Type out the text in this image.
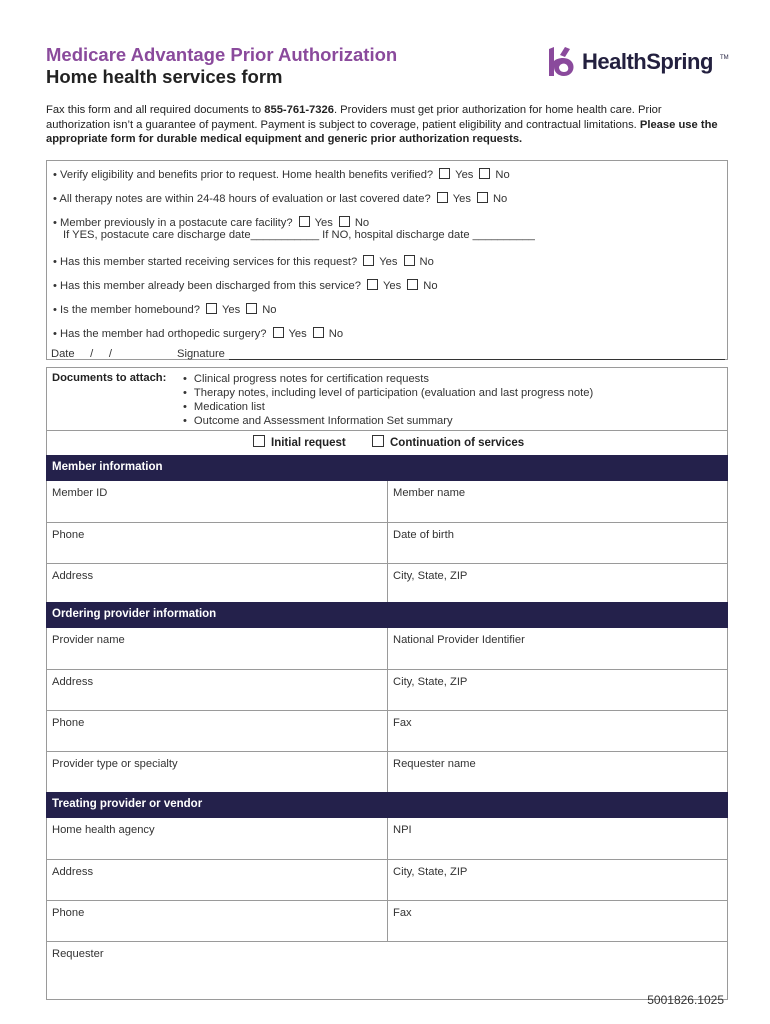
Medicare Advantage Prior Authorization
Home health services form
HealthSpring TM
Fax this form and all required documents to 855-761-7326. Providers must get prior authorization for home health care. Prior authorization isn’t a guarantee of payment. Payment is subject to coverage, patient eligibility and contractual limitations. Please use the appropriate form for durable medical equipment and generic prior authorization requests.
• Verify eligibility and benefits prior to request. Home health benefits verified? Yes No
• All therapy notes are within 24-48 hours of evaluation or last covered date? Yes No
• Member previously in a postacute care facility? Yes No
If YES, postacute care discharge date___________ If NO, hospital discharge date __________
• Has this member started receiving services for this request? Yes No
• Has this member already been discharged from this service? Yes No
• Is the member homebound? Yes No
• Has the member had orthopedic surgery? Yes No
Date     /     /	Signature
Documents to attach:	• Clinical progress notes for certification requests
• Therapy notes, including level of participation (evaluation and last progress note)
• Medication list
• Outcome and Assessment Information Set summary
Initial request	Continuation of services
Member information
Member ID	Member name
Phone	Date of birth
Address	City, State, ZIP
Ordering provider information
Provider name	National Provider Identifier
Address	City, State, ZIP
Phone	Fax
Provider type or specialty	Requester name
Treating provider or vendor
Home health agency	NPI
Address	City, State, ZIP
Phone	Fax
Requester
5001826.1025
